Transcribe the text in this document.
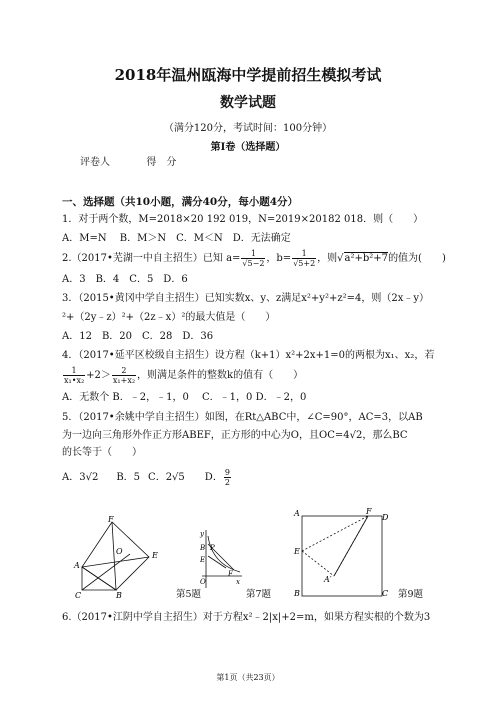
2018年温州瓯海中学提前招生模拟考试
数学试题
（满分120分，考试时间：100分钟）
第Ⅰ卷（选择题）
评卷人	得　分
一、选择题（共10小题，满分40分，每小题4分）
1．对于两个数，M=2018×20 192 019，N=2019×20182 018．则（　　）
A．M=N　 B．M＞N　C．M＜N　D．无法确定
2.（2017•芜湖一中自主招生）已知 $a= \frac{1}{√5-2}$ ，$b= \frac{1}{√5+2}$ ，则√a²+b²+7的值为(　　)
A．3　B．4　C．5　D．6
3．（2015•黄冈中学自主招生）已知实数x、y、z满足x²+y²+z²=4，则（2x﹣y）
²+（2y﹣z）²+（2z﹣x）²的最大值是（　　）
A．12　B．20　C．28　D．36
4．（2017•延平区校级自主招生）设方程（k+1）x²+2x+1=0的两根为x₁、x₂，若
$\frac{1}{\text{x₁•x₂}} +2> \frac{2}{\text{x₁+x₂}}$ ，则满足条件的整数k的值有（　　）
A．无数个 B．﹣2，﹣1，0　 C．﹣1，0 D．﹣2，0
5．（2017•余姚中学自主招生）如图，在Rt△ABC中，∠C=90°，AC=3，以AB
为一边向三角形外作正方形ABEF，正方形的中心为O，且OC=4√2，那么BC
的长等于（　　）
A．3√2 B．5 C．2√5 D． $\frac{9}{2}$
F
O	E
A
C	B	第5题
y
B P
E
O	x
F
第7题
A	F
D
E
A′
B	C 第9题
6.（2017•江阴中学自主招生）对于方程x²﹣2|x|+2=m，如果方程实根的个数为3
第1页（共23页）
